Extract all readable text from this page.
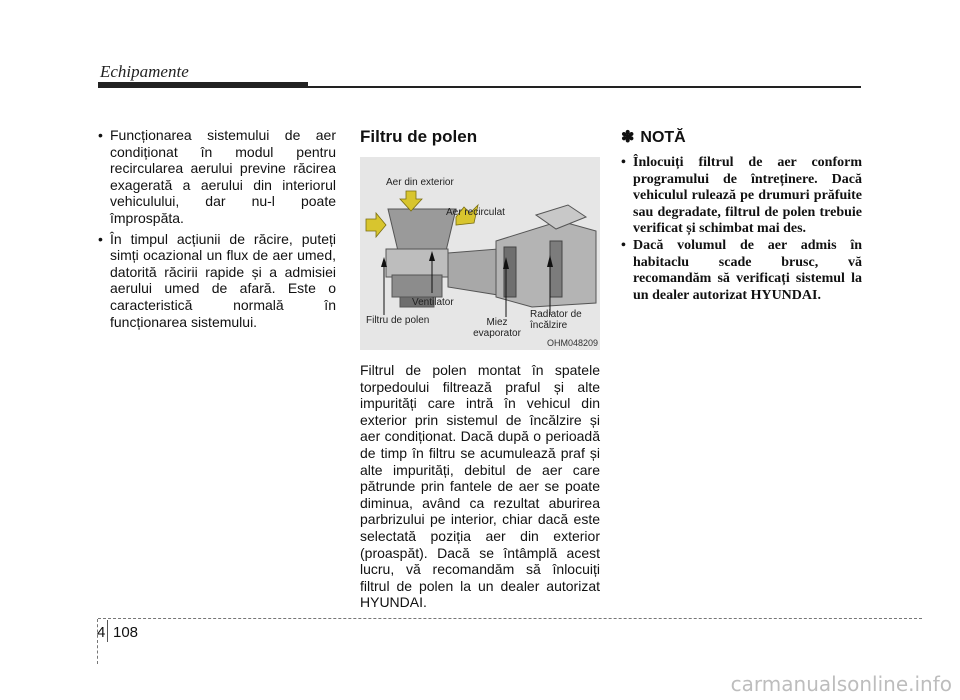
Echipamente
• Funcționarea sistemului de aer condiționat în modul pentru recircularea aerului previne răcirea exagerată a aerului din interiorul vehiculului, dar nu-l poate împrospăta.
• În timpul acțiunii de răcire, puteți simți ocazional un flux de aer umed, datorită răcirii rapide și a admisiei aerului umed de afară. Este o caracteristică normală în funcționarea sistemului.
Filtru de polen
Aer din exterior
Aer recirculat
Ventilator
Filtru de polen	Miez evaporator
Radiator de încălzire
OHM048209
Filtrul de polen montat în spatele torpedoului filtrează praful și alte impurități care intră în vehicul din exterior prin sistemul de încălzire și aer condiționat. Dacă după o perioadă de timp în filtru se acumulează praf și alte impurități, debitul de aer care pătrunde prin fantele de aer se poate diminua, având ca rezultat aburirea parbrizului pe interior, chiar dacă este selectată poziția aer din exterior (proaspăt). Dacă se întâmplă acest lucru, vă recomandăm să înlocuiți filtrul de polen la un dealer autorizat HYUNDAI.
✽ NOTĂ
• Înlocuiți filtrul de aer conform programului de întreținere. Dacă vehiculul rulează pe drumuri prăfuite sau degradate, filtrul de polen trebuie verificat și schimbat mai des.
• Dacă volumul de aer admis în habitaclu scade brusc, vă recomandăm să verificați sistemul la un dealer autorizat HYUNDAI.
4 108
carmanualsonline.info
